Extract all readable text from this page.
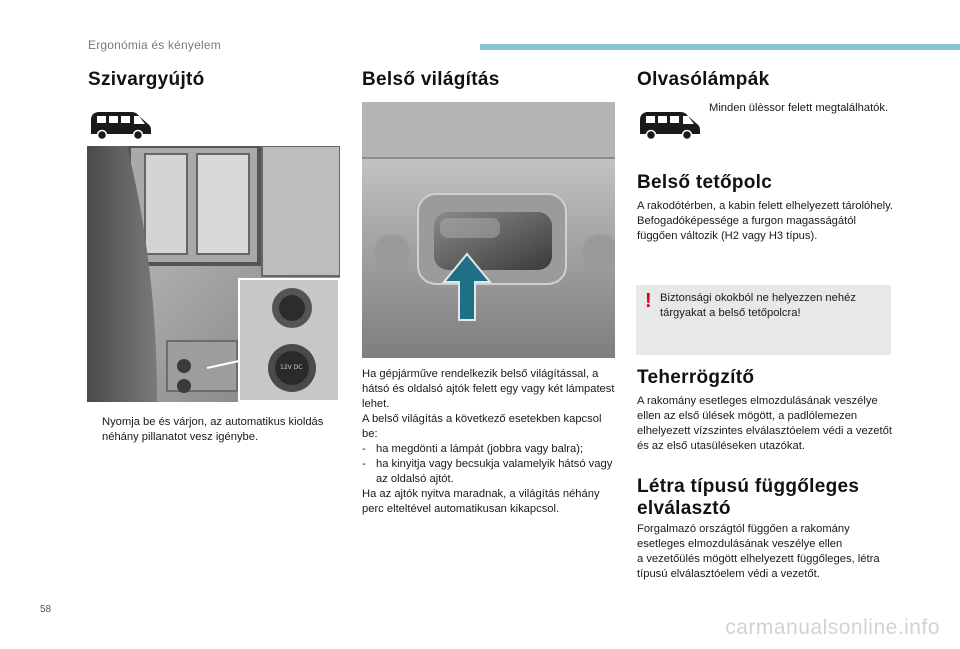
Ergonómia és kényelem
Szivargyújtó
12V DC
Nyomja be és várjon, az automatikus kioldás néhány pillanatot vesz igénybe.
Belső világítás
Ha gépjárműve rendelkezik belső világítással, a hátsó és oldalsó ajtók felett egy vagy két lámpatest lehet.
A belső világítás a következő esetekben kapcsol be:
- ha megdönti a lámpát (jobbra vagy balra);
- ha kinyitja vagy becsukja valamelyik hátsó vagy az oldalsó ajtót.
Ha az ajtók nyitva maradnak, a világítás néhány perc elteltével automatikusan kikapcsol.
Olvasólámpák
Minden ülèssor felett megtalálhatók.
Belső tetőpolc
A rakodótérben, a kabin felett elhelyezett tárolóhely. Befogadóképessége a furgon magasságától függően változik (H2 vagy H3 típus).
! Biztonsági okokból ne helyezzen nehéz tárgyakat a belső tetőpolcra!
Teherrögzítő
A rakomány esetleges elmozdulásának veszélye ellen az első ülések mögött, a padlólemezen elhelyezett vízszintes elválasztóelem védi a vezetőt és az első utasüléseken utazókat.
Létra típusú függőleges elválasztó
Forgalmazó országtól függően a rakomány esetleges elmozdulásának veszélye ellen
a vezetőülés mögött elhelyezett függőleges, létra típusú elválasztóelem védi a vezetőt.
58
carmanualsonline.info
